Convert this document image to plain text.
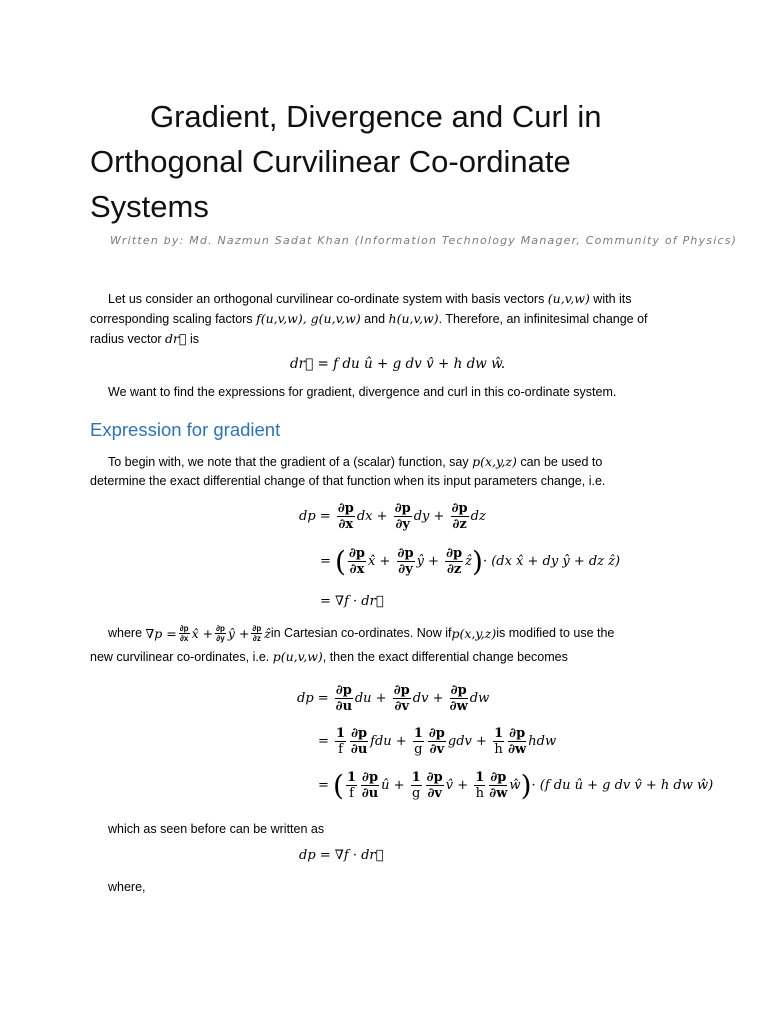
Gradient, Divergence and Curl in
Orthogonal Curvilinear Co-ordinate
Systems
Written by: Md. Nazmun Sadat Khan (Information Technology Manager, Community of Physics)
Let us consider an orthogonal curvilinear co-ordinate system with basis vectors (u,v,w) with its
corresponding scaling factors f(u,v,w), g(u,v,w) and h(u,v,w). Therefore, an infinitesimal change of
radius vector dr⃗ is
dr⃗ = f du û + g dv v̂ + h dw ŵ.
We want to find the expressions for gradient, divergence and curl in this co-ordinate system.
Expression for gradient
To begin with, we note that the gradient of a (scalar) function, say p(x,y,z) can be used to
determine the exact differential change of that function when its input parameters change, i.e.
dp =
$\frac{\partial p}{\partial x}$ dx +
$\frac{\partial p}{\partial y}$ dy +
$\frac{\partial p}{\partial z}$ dz
=
( $\frac{\partial p}{\partial x}$ x̂ +
$\frac{\partial p}{\partial y}$ ŷ +
$\frac{\partial p}{\partial z}$ ẑ ) · (dx x̂ + dy ŷ + dz ẑ)
= ∇f · dr⃗
where
$\nabla p = \frac{\partial p}{\partial x}$ x̂ + $\frac{\partial p}{\partial y}$ ŷ + $\frac{\partial p}{\partial z}$ ẑ in Cartesian co-ordinates. Now if p(x,y,z) is modified to use the
new curvilinear co-ordinates, i.e. p(u,v,w), then the exact differential change becomes
dp =
$\frac{\partial p}{\partial u}$ du +
$\frac{\partial p}{\partial v}$ dv +
$\frac{\partial p}{\partial w}$ dw
=
$\frac{1}{f} \frac{\partial p}{\partial u}$ fdu +
$\frac{1}{g} \frac{\partial p}{\partial v}$ gdv +
$\frac{1}{h} \frac{\partial p}{\partial w}$ hdw
=
( $\frac{1}{f} \frac{\partial p}{\partial u}$ û +
$\frac{1}{g} \frac{\partial p}{\partial v}$ v̂ +
$\frac{1}{h} \frac{\partial p}{\partial w}$ ŵ ) · (f du û + g dv v̂ + h dw ŵ)
which as seen before can be written as
dp = ∇f · dr⃗
where,
